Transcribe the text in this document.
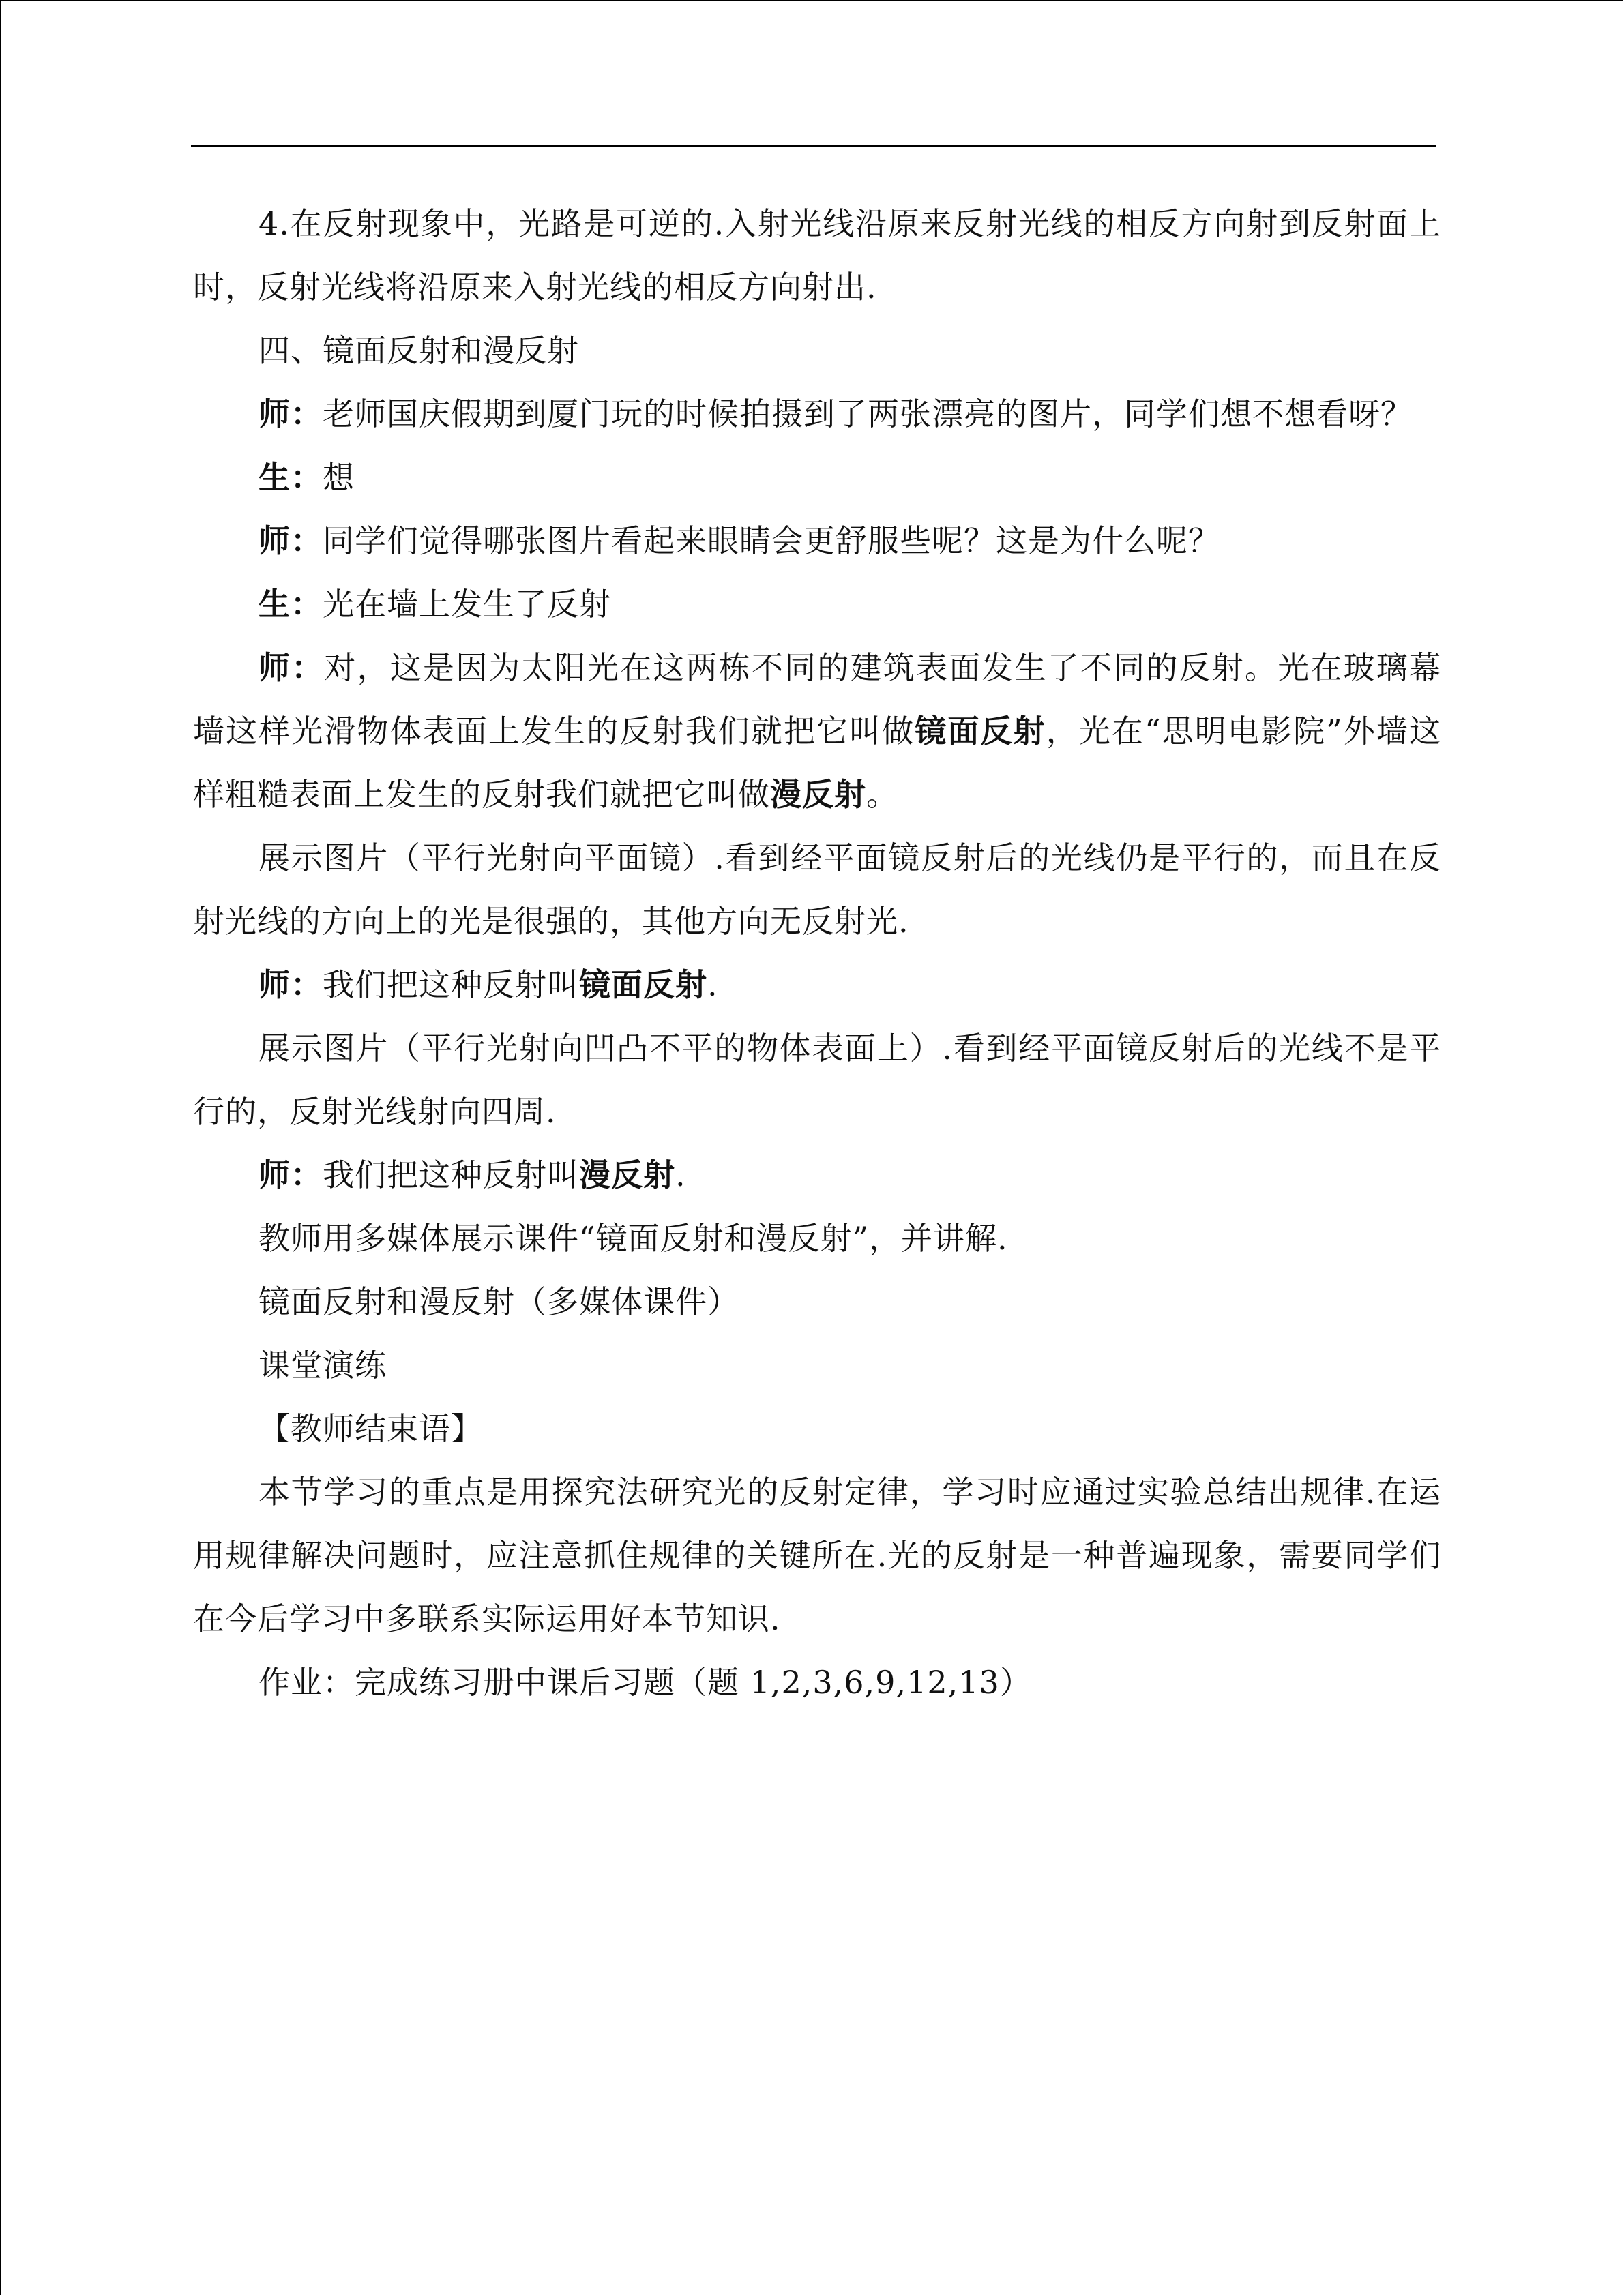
4.在反射现象中，光路是可逆的.入射光线沿原来反射光线的相反方向射到反射面上时，反射光线将沿原来入射光线的相反方向射出.

四、镜面反射和漫反射

师：老师国庆假期到厦门玩的时候拍摄到了两张漂亮的图片，同学们想不想看呀？

生：想

师：同学们觉得哪张图片看起来眼睛会更舒服些呢？这是为什么呢？

生：光在墙上发生了反射

师：对，这是因为太阳光在这两栋不同的建筑表面发生了不同的反射。光在玻璃幕墙这样光滑物体表面上发生的反射我们就把它叫做镜面反射，光在“思明电影院”外墙这样粗糙表面上发生的反射我们就把它叫做漫反射。

展示图片（平行光射向平面镜）.看到经平面镜反射后的光线仍是平行的，而且在反射光线的方向上的光是很强的，其他方向无反射光.

师：我们把这种反射叫镜面反射.

展示图片（平行光射向凹凸不平的物体表面上）.看到经平面镜反射后的光线不是平行的，反射光线射向四周.

师：我们把这种反射叫漫反射.

教师用多媒体展示课件“镜面反射和漫反射”，并讲解.

镜面反射和漫反射（多媒体课件）

课堂演练

【教师结束语】

本节学习的重点是用探究法研究光的反射定律，学习时应通过实验总结出规律.在运用规律解决问题时，应注意抓住规律的关键所在.光的反射是一种普遍现象，需要同学们在今后学习中多联系实际运用好本节知识.

作业：完成练习册中课后习题（题 1,2,3,6,9,12,13）
